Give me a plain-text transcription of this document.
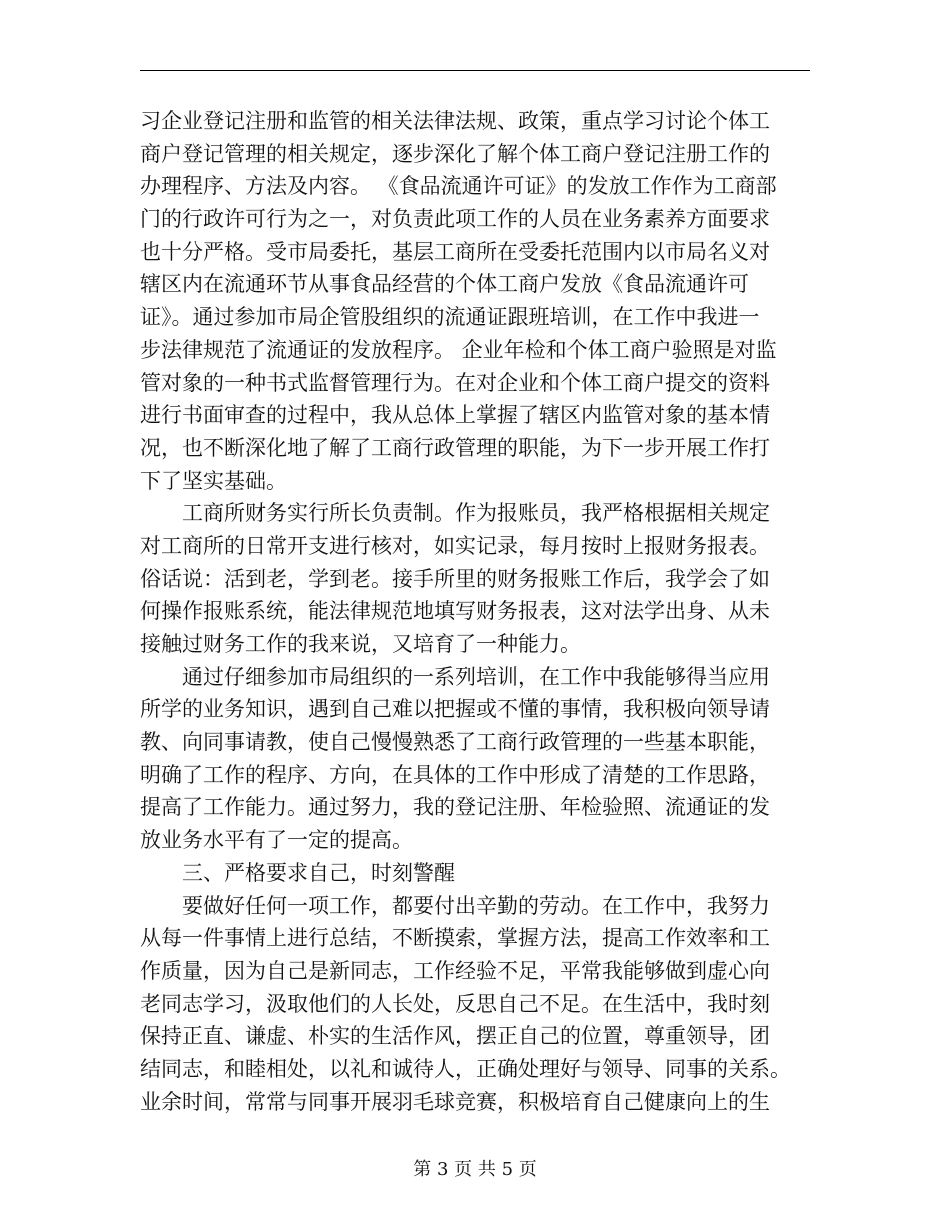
习企业登记注册和监管的相关法律法规、政策，重点学习讨论个体工
商户登记管理的相关规定，逐步深化了解个体工商户登记注册工作的
办理程序、方法及内容。 《食品流通许可证》的发放工作作为工商部
门的行政许可行为之一，对负责此项工作的人员在业务素养方面要求
也十分严格。受市局委托，基层工商所在受委托范围内以市局名义对
辖区内在流通环节从事食品经营的个体工商户发放《食品流通许可
证》。通过参加市局企管股组织的流通证跟班培训，在工作中我进一
步法律规范了流通证的发放程序。 企业年检和个体工商户验照是对监
管对象的一种书式监督管理行为。在对企业和个体工商户提交的资料
进行书面审查的过程中，我从总体上掌握了辖区内监管对象的基本情
况，也不断深化地了解了工商行政管理的职能，为下一步开展工作打
下了坚实基础。
　　工商所财务实行所长负责制。作为报账员，我严格根据相关规定
对工商所的日常开支进行核对，如实记录，每月按时上报财务报表。
俗话说：活到老，学到老。接手所里的财务报账工作后，我学会了如
何操作报账系统，能法律规范地填写财务报表，这对法学出身、从未
接触过财务工作的我来说，又培育了一种能力。
　　通过仔细参加市局组织的一系列培训，在工作中我能够得当应用
所学的业务知识，遇到自己难以把握或不懂的事情，我积极向领导请
教、向同事请教，使自己慢慢熟悉了工商行政管理的一些基本职能，
明确了工作的程序、方向，在具体的工作中形成了清楚的工作思路，
提高了工作能力。通过努力，我的登记注册、年检验照、流通证的发
放业务水平有了一定的提高。
　　三、严格要求自己，时刻警醒
　　要做好任何一项工作，都要付出辛勤的劳动。在工作中，我努力
从每一件事情上进行总结，不断摸索，掌握方法，提高工作效率和工
作质量，因为自己是新同志，工作经验不足，平常我能够做到虚心向
老同志学习，汲取他们的人长处，反思自己不足。在生活中，我时刻
保持正直、谦虚、朴实的生活作风，摆正自己的位置，尊重领导，团
结同志，和睦相处，以礼和诚待人，正确处理好与领导、同事的关系。
业余时间，常常与同事开展羽毛球竞赛，积极培育自己健康向上的生
第 3 页 共 5 页
